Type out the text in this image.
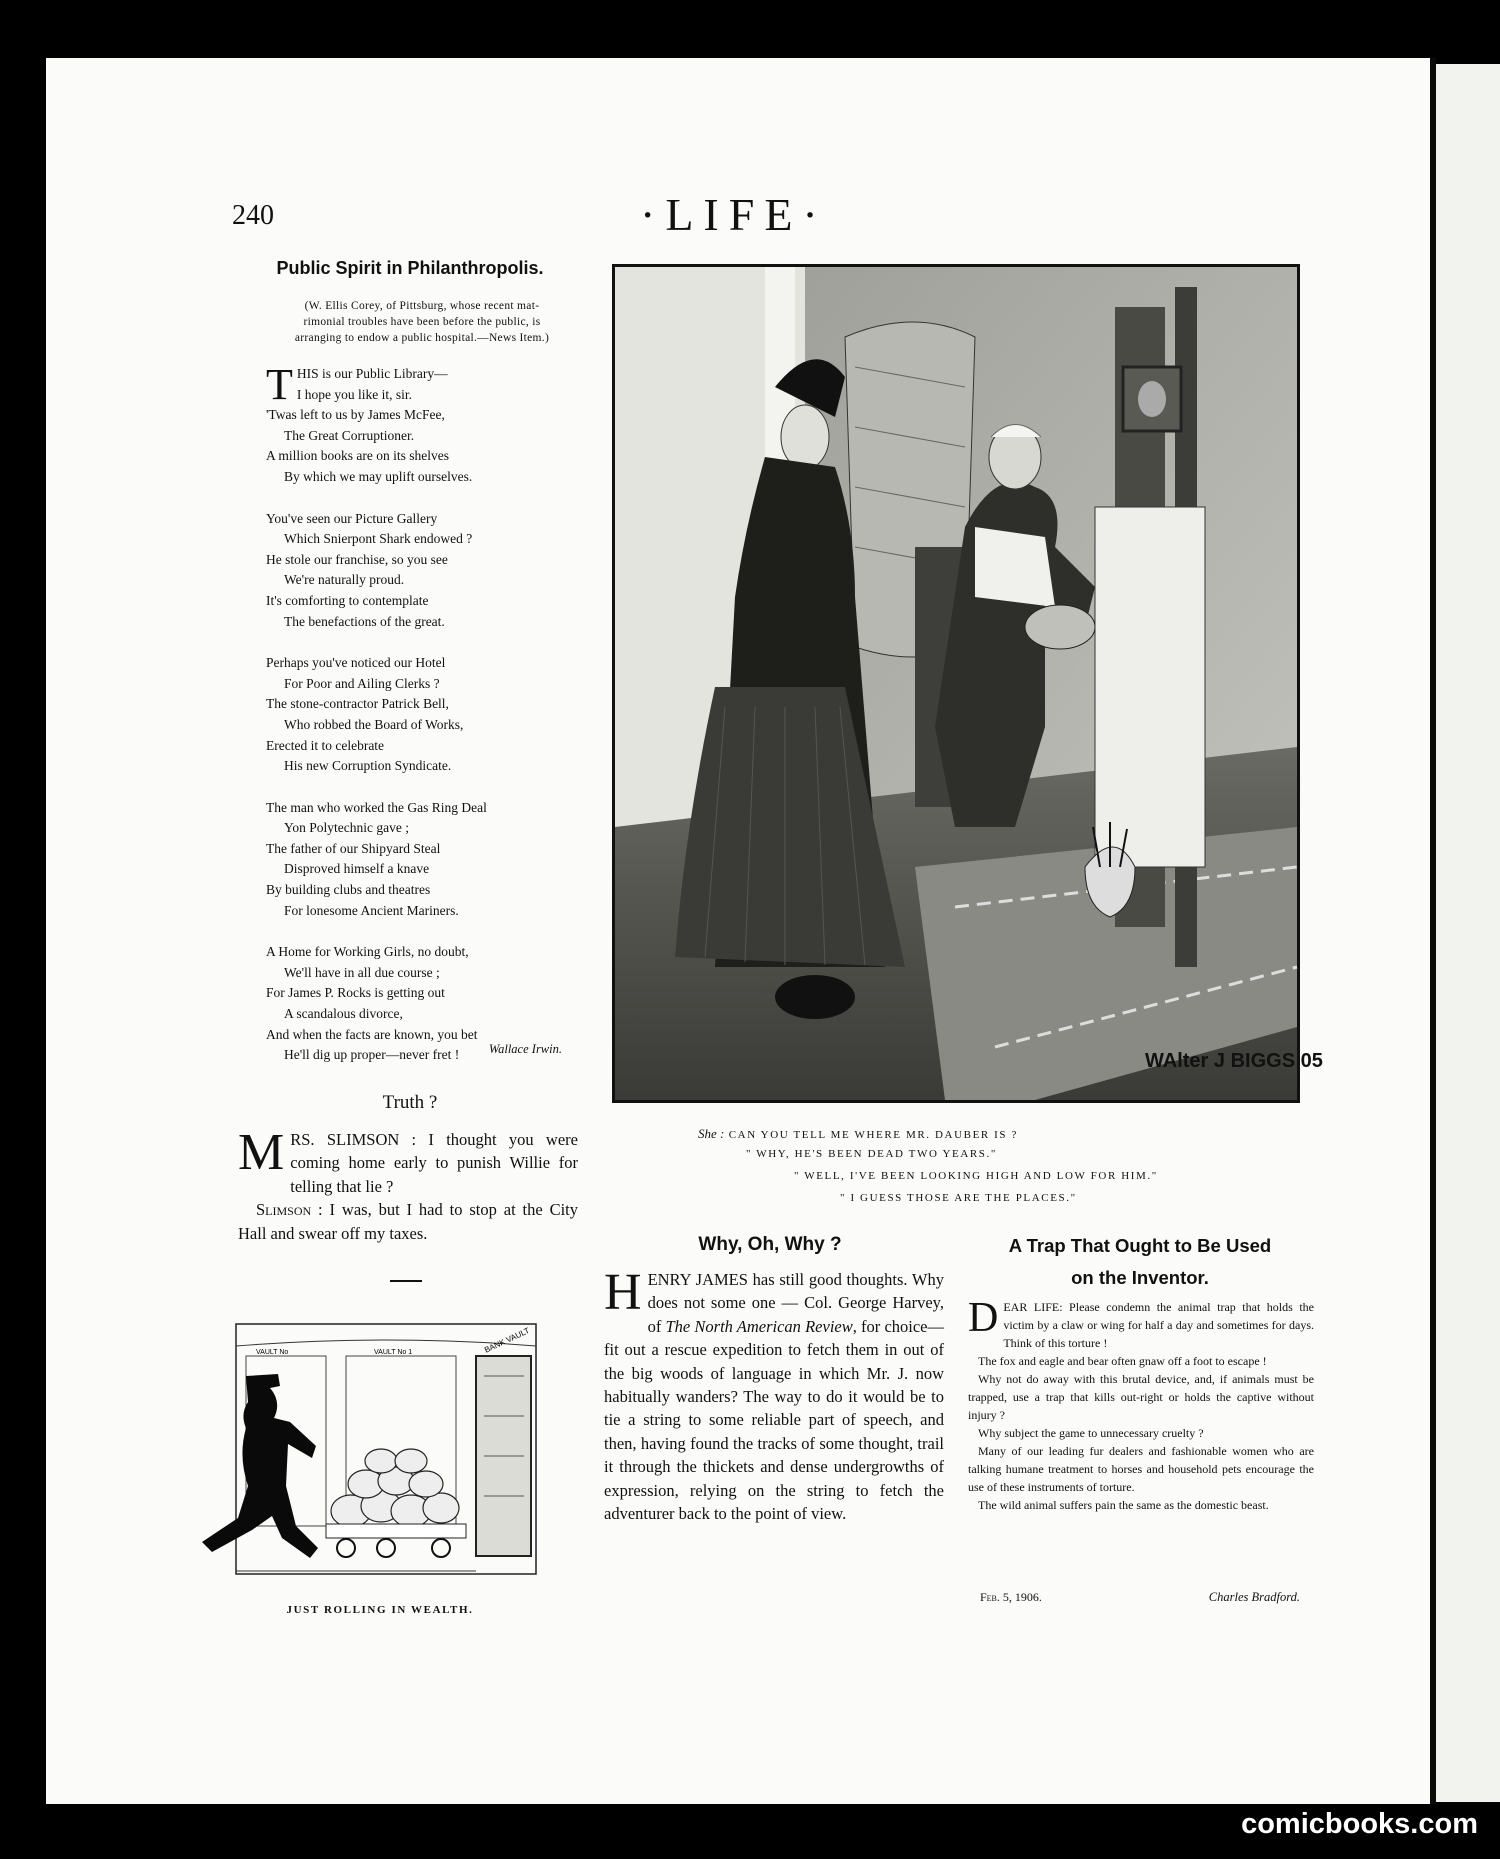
240	·LIFE·
Public Spirit in Philanthropolis.
(W. Ellis Corey, of Pittsburg, whose recent mat-
rimonial troubles have been before the public, is
arranging to endow a public hospital.—News Item.)
T HIS is our Public Library—
I hope you like it, sir.
'Twas left to us by James McFee,
The Great Corruptioner.
A million books are on its shelves
By which we may uplift ourselves.
You've seen our Picture Gallery
Which Snierpont Shark endowed ?
He stole our franchise, so you see
We're naturally proud.
It's comforting to contemplate
The benefactions of the great.
Perhaps you've noticed our Hotel
For Poor and Ailing Clerks ?
The stone-contractor Patrick Bell,
Who robbed the Board of Works,
Erected it to celebrate
His new Corruption Syndicate.
The man who worked the Gas Ring Deal
Yon Polytechnic gave ;
The father of our Shipyard Steal
Disproved himself a knave
By building clubs and theatres
For lonesome Ancient Mariners.
A Home for Working Girls, no doubt,
We'll have in all due course ;
For James P. Rocks is getting out
A scandalous divorce,
And when the facts are known, you bet
He'll dig up proper—never fret !	Wallace Irwin.
Truth ?
M RS. SLIMSON : I thought you were coming home early to punish Willie for telling that lie ?

Slimson : I was, but I had to stop at the City Hall and swear off my taxes.

VAULT No	VAULT No 1	BANK VAULT
JUST ROLLING IN WEALTH.
WAlter J BIGGS 05
She : CAN YOU TELL ME WHERE MR. DAUBER IS ?
" WHY, HE'S BEEN DEAD TWO YEARS."
" WELL, I'VE BEEN LOOKING HIGH AND LOW FOR HIM."
" I GUESS THOSE ARE THE PLACES."
Why, Oh, Why ?
H ENRY JAMES has still good thoughts. Why does not some one — Col. George Harvey, of The North American Review, for choice—fit out a rescue expedition to fetch them in out of the big woods of language in which Mr. J. now habitually wanders? The way to do it would be to tie a string to some reliable part of speech, and then, having found the tracks of some thought, trail it through the thickets and dense undergrowths of expression, relying on the string to fetch the adventurer back to the point of view.
A Trap That Ought to Be Used
on the Inventor.
D EAR LIFE: Please condemn the animal trap that holds the victim by a claw or wing for half a day and sometimes for days. Think of this torture !

The fox and eagle and bear often gnaw off a foot to escape !

Why not do away with this brutal device, and, if animals must be trapped, use a trap that kills out-right or holds the captive without injury ?

Why subject the game to unnecessary cruelty ?

Many of our leading fur dealers and fashionable women who are talking humane treatment to horses and household pets encourage the use of these instruments of torture.

The wild animal suffers pain the same as the domestic beast.

Feb. 5, 1906.	Charles Bradford.
comicbooks.com
